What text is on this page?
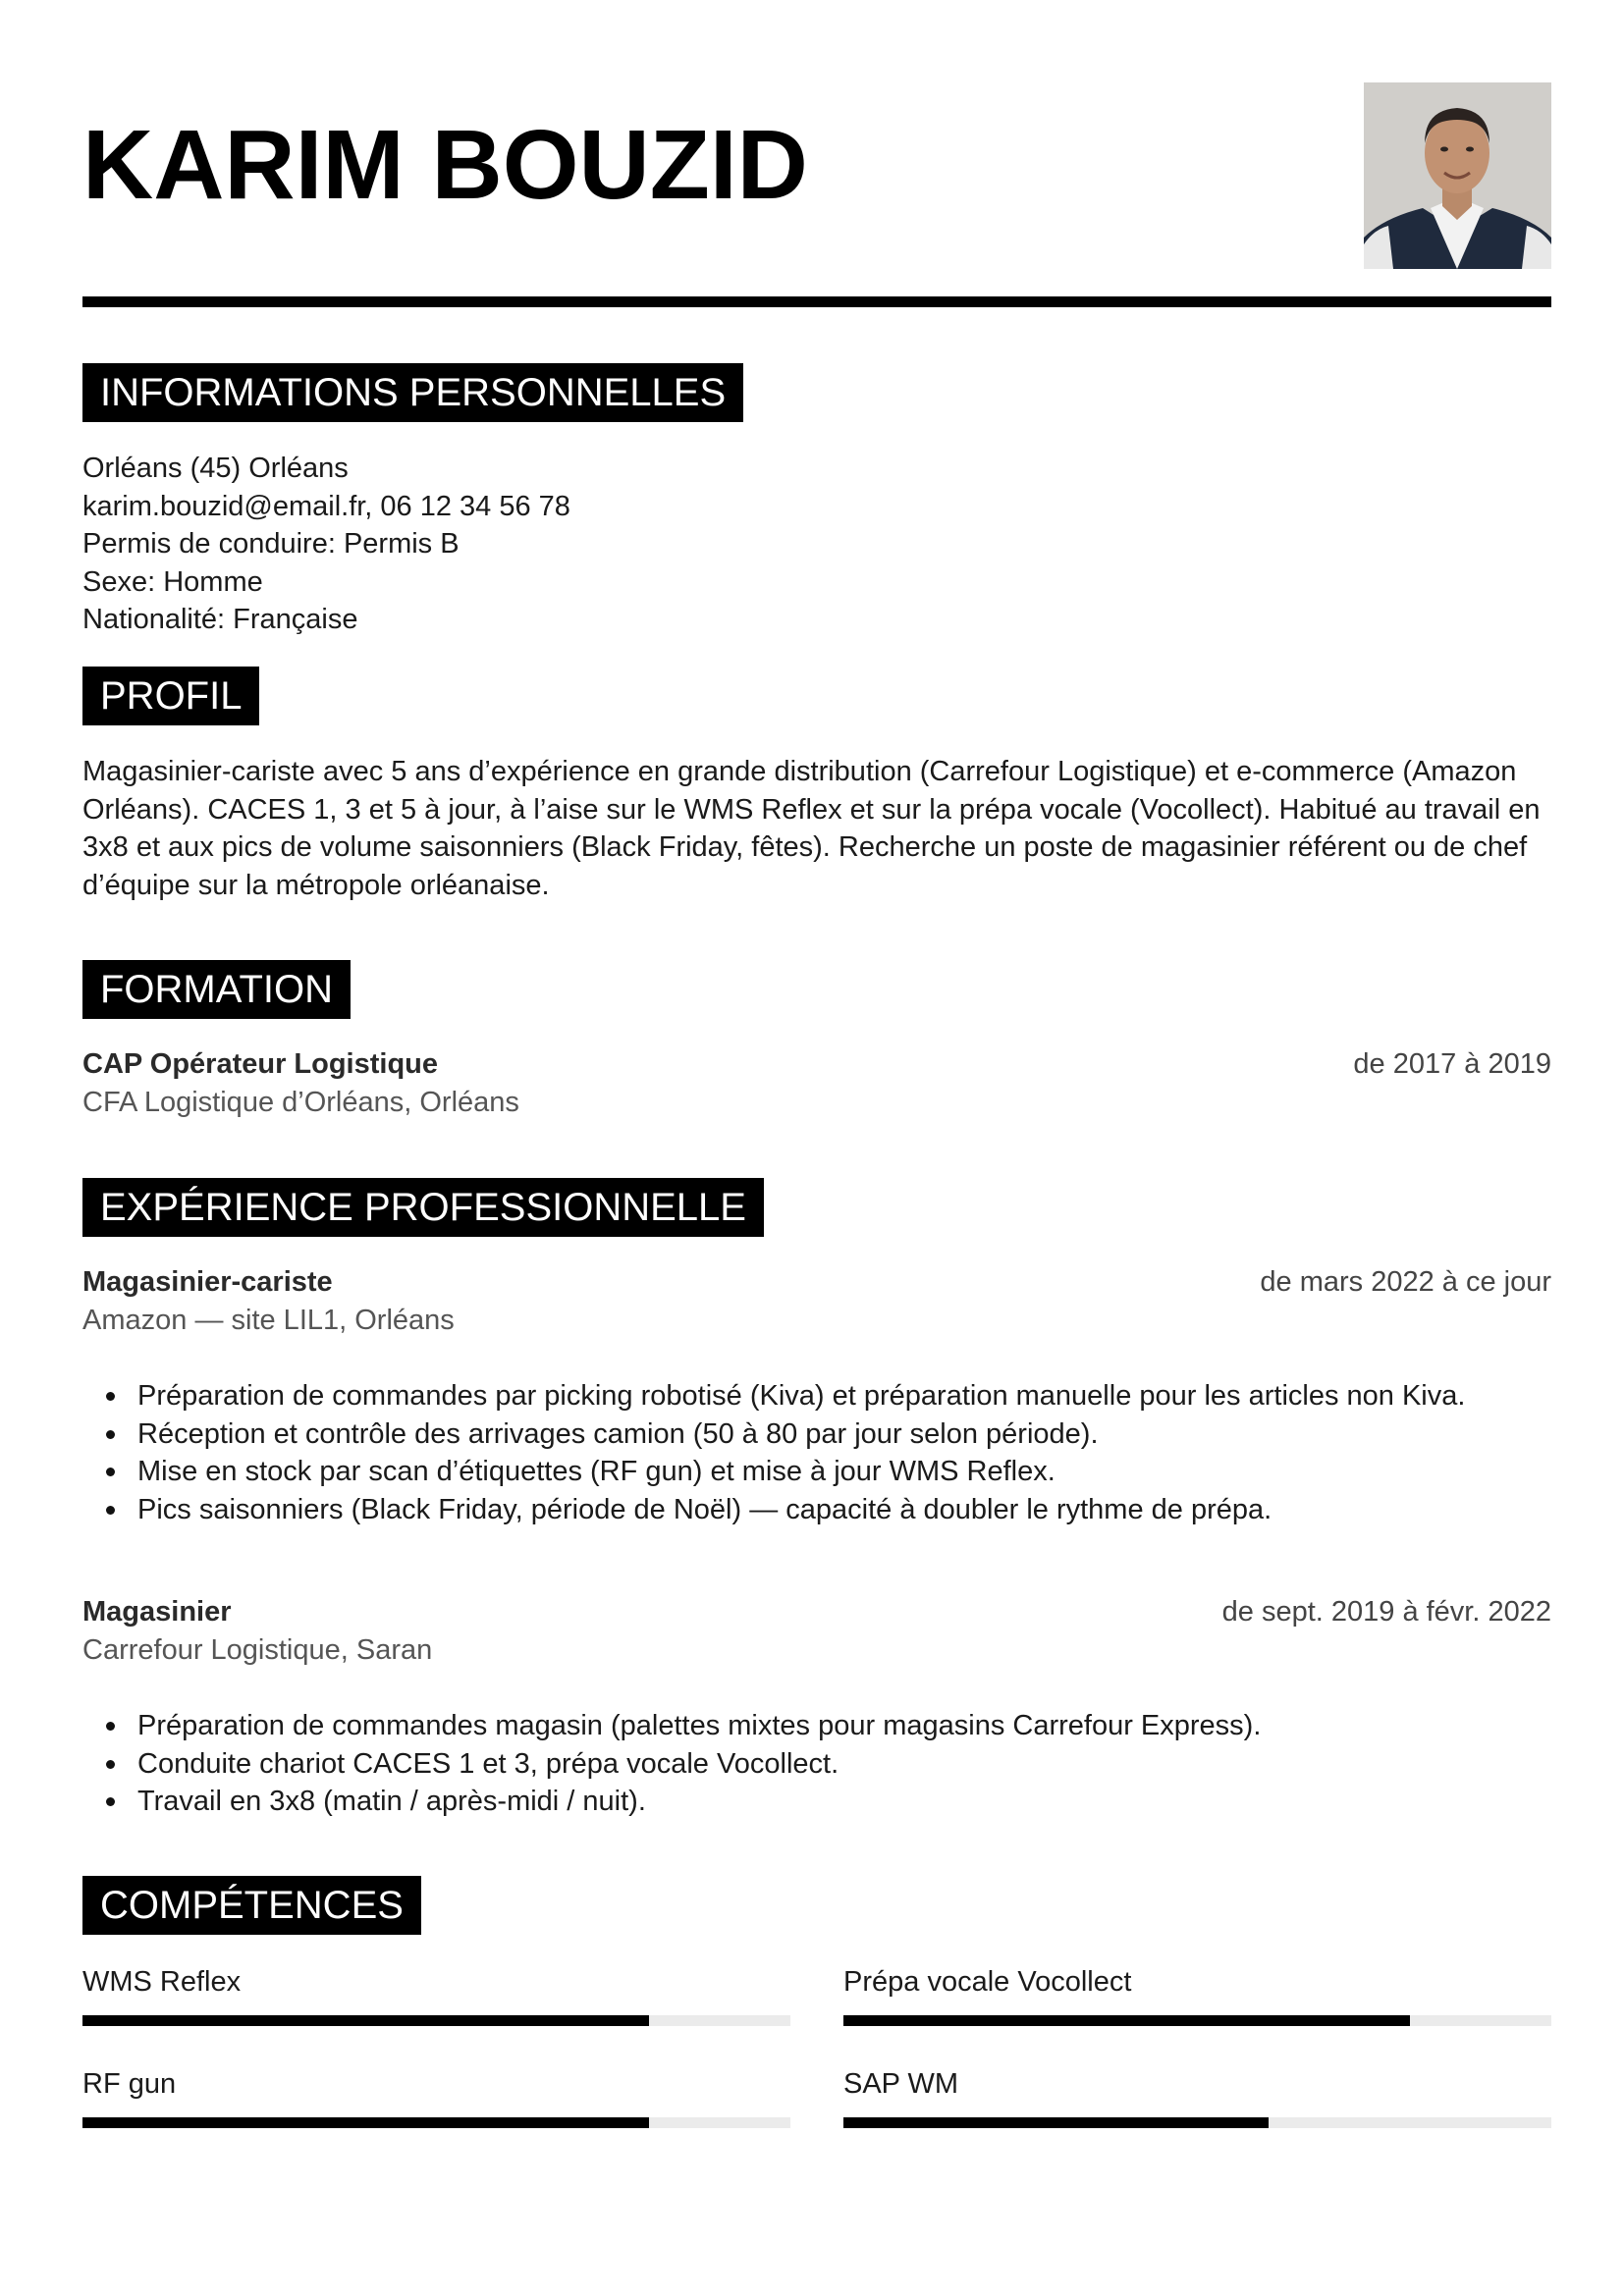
KARIM BOUZID
INFORMATIONS PERSONNELLES
Orléans (45) Orléans
karim.bouzid@email.fr, 06 12 34 56 78
Permis de conduire: Permis B
Sexe: Homme
Nationalité: Française
PROFIL
Magasinier-cariste avec 5 ans d’expérience en grande distribution (Carrefour Logistique) et e-commerce (Amazon Orléans). CACES 1, 3 et 5 à jour, à l’aise sur le WMS Reflex et sur la prépa vocale (Vocollect). Habitué au travail en 3x8 et aux pics de volume saisonniers (Black Friday, fêtes). Recherche un poste de magasinier référent ou de chef d’équipe sur la métropole orléanaise.
FORMATION
CAP Opérateur Logistique	de 2017 à 2019
CFA Logistique d’Orléans, Orléans
EXPÉRIENCE PROFESSIONNELLE
Magasinier-cariste	de mars 2022 à ce jour
Amazon — site LIL1, Orléans
Préparation de commandes par picking robotisé (Kiva) et préparation manuelle pour les articles non Kiva.
Réception et contrôle des arrivages camion (50 à 80 par jour selon période).
Mise en stock par scan d’étiquettes (RF gun) et mise à jour WMS Reflex.
Pics saisonniers (Black Friday, période de Noël) — capacité à doubler le rythme de prépa.
Magasinier	de sept. 2019 à févr. 2022
Carrefour Logistique, Saran
Préparation de commandes magasin (palettes mixtes pour magasins Carrefour Express).
Conduite chariot CACES 1 et 3, prépa vocale Vocollect.
Travail en 3x8 (matin / après-midi / nuit).
COMPÉTENCES
WMS Reflex	Prépa vocale Vocollect
RF gun	SAP WM
